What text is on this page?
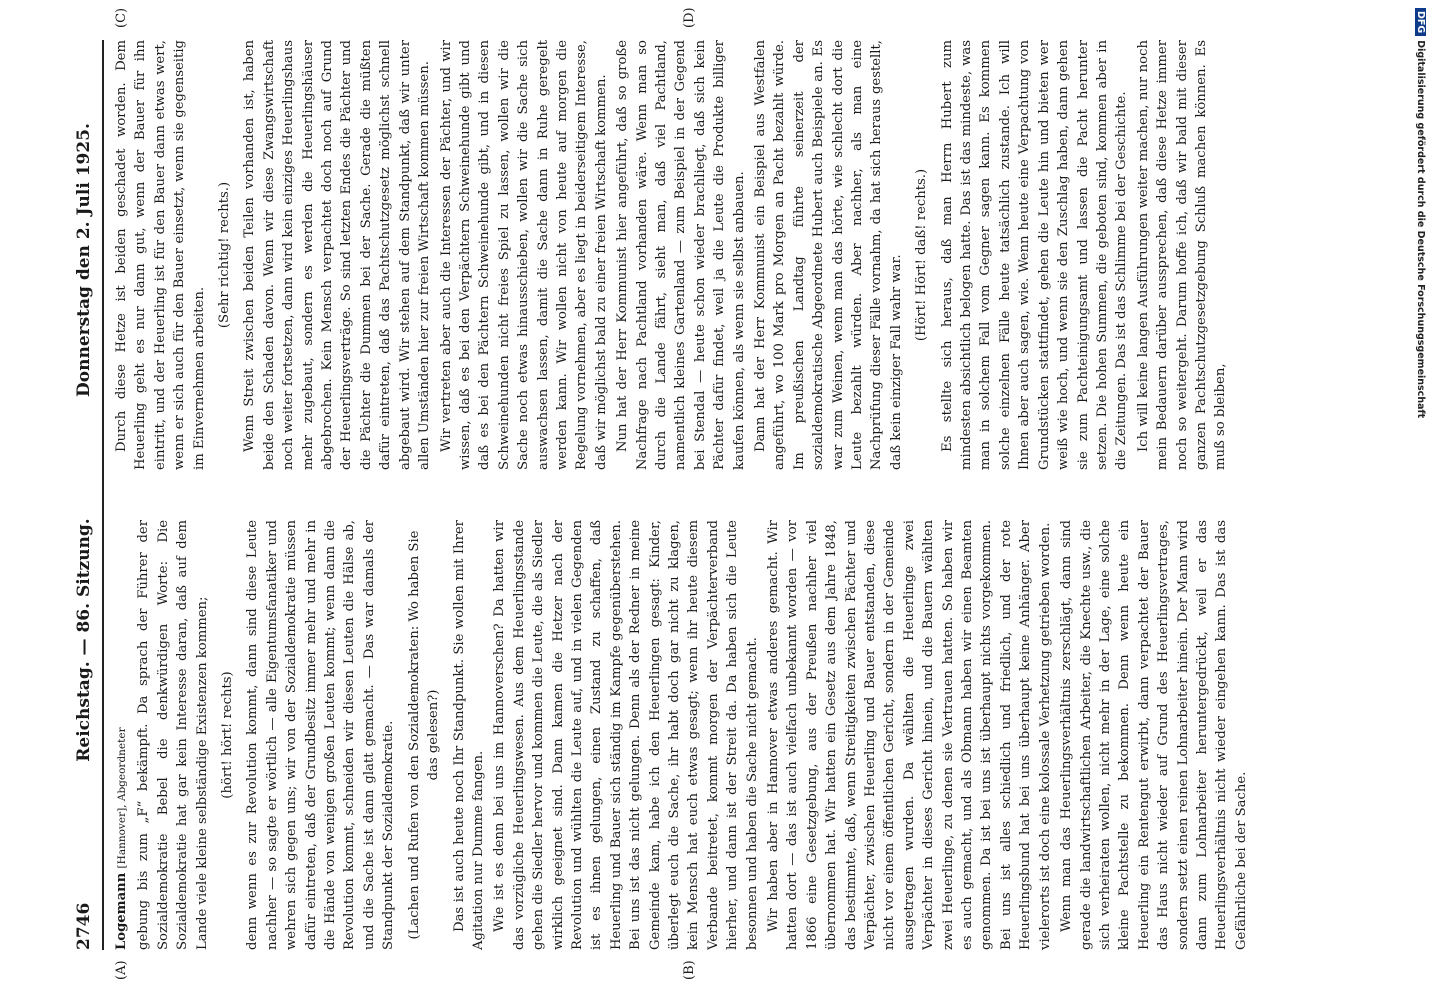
DFGDigitalisierung gefördert durch die Deutsche Forschungsgemeinschaft
2746
Reichstag. — 86. Sitzung.
Donnerstag den 2. Juli 1925.
(A)	(B)
(C)	(D)

Logemann [Hannover], Abgeordneter gebung bis zum „F“ bekämpft. Da sprach der Führer der Sozialdemokratie Bebel die denkwürdigen Worte: Die Sozialdemokratie hat gar kein Interesse daran, daß auf dem Lande viele kleine selbständige Existenzen kommen; (hört! hört! rechts) denn wenn es zur Revolution kommt, dann sind diese Leute nachher — so sagte er wörtlich — alle Eigentumsfanatiker und wehren sich gegen uns; wir von der Sozialdemokratie müssen dafür eintreten, daß der Grundbesitz immer mehr und mehr in die Hände von wenigen großen Leuten kommt; wenn dann die Revolution kommt, schneiden wir diesen Leuten die Hälse ab, und die Sache ist dann glatt gemacht. — Das war damals der Standpunkt der Sozialdemokratie. (Lachen und Rufen von den Sozialdemokraten: Wo haben Sie das gelesen?) Das ist auch heute noch Ihr Standpunkt. Sie wollen mit Ihrer Agitation nur Dumme fangen. Wie ist es denn bei uns im Hannoverschen? Da hatten wir das vorzügliche Heuerlingswesen. Aus dem Heuerlingsstande gehen die Siedler hervor und kommen die Leute, die als Siedler wirklich geeignet sind. Dann kamen die Hetzer nach der Revolution und wühlten die Leute auf, und in vielen Gegenden ist es ihnen gelungen, einen Zustand zu schaffen, daß Heuerling und Bauer sich ständig im Kampfe gegenüberstehen. Bei uns ist das nicht gelungen. Denn als der Redner in meine Gemeinde kam, habe ich den Heuerlingen gesagt: Kinder, überlegt euch die Sache, ihr habt doch gar nicht zu klagen, kein Mensch hat euch etwas gesagt; wenn ihr heute diesem Verbande beitretet, kommt morgen der Verpächterverband hierher, und dann ist der Streit da. Da haben sich die Leute besonnen und haben die Sache nicht gemacht. Wir haben aber in Hannover etwas anderes gemacht. Wir hatten dort — das ist auch vielfach unbekannt worden — vor 1866 eine Gesetzgebung, aus der Preußen nachher viel übernommen hat. Wir hatten ein Gesetz aus dem Jahre 1848, das bestimmte, daß, wenn Streitigkeiten zwischen Pächter und Verpächter, zwischen Heuerling und Bauer entstanden, diese nicht vor einem öffentlichen Gericht, sondern in der Gemeinde ausgetragen wurden. Da wählten die Heuerlinge zwei Verpächter in dieses Gericht hinein, und die Bauern wählten zwei Heuerlinge, zu denen sie Vertrauen hatten. So haben wir es auch gemacht, und als Obmann haben wir einen Beamten genommen. Da ist bei uns ist überhaupt nichts vorgekommen. Bei uns ist alles schiedlich und friedlich, und der rote Heuerlingsbund hat bei uns überhaupt keine Anhänger. Aber vielerorts ist doch eine kolossale Verhetzung getrieben worden. Wenn man das Heuerlingsverhältnis zerschlägt, dann sind gerade die landwirtschaftlichen Arbeiter, die Knechte usw., die sich verheiraten wollen, nicht mehr in der Lage, eine solche kleine Pachtstelle zu bekommen. Denn wenn heute ein Heuerling ein Rentengut erwirbt, dann verpachtet der Bauer das Haus nicht wieder auf Grund des Heuerlingsvertrages, sondern setzt einen reinen Lohnarbeiter hinein. Der Mann wird dann zum Lohnarbeiter heruntergedrückt, weil er das Heuerlingsverhältnis nicht wieder eingehen kann. Das ist das Gefährliche bei der Sache.

Durch diese Hetze ist beiden geschadet worden. Dem Heuerling geht es nur dann gut, wenn der Bauer für ihn eintritt, und der Heuerling ist für den Bauer dann etwas wert, wenn er sich auch für den Bauer einsetzt, wenn sie gegenseitig im Einvernehmen arbeiten.

(Sehr richtig! rechts.) Wenn Streit zwischen beiden Teilen vorhanden ist, haben beide den Schaden davon. Wenn wir diese Zwangswirtschaft noch weiter fortsetzen, dann wird kein einziges Heuerlingshaus mehr zugebaut, sondern es werden die Heuerlingshäuser abgebrochen. Kein Mensch verpachtet doch noch auf Grund der Heuerlingsverträge. So sind letzten Endes die Pächter und die Pächter die Dummen bei der Sache. Gerade die müßten dafür eintreten, daß das Pachtschutzgesetz möglichst schnell abgebaut wird. Wir stehen auf dem Standpunkt, daß wir unter allen Umständen hier zur freien Wirtschaft kommen müssen. Wir vertreten aber auch die Interessen der Pächter, und wir wissen, daß es bei den Verpächtern Schweinehunde gibt und daß es bei den Pächtern Schweinehunde gibt, und in diesen Schweinehunden nicht freies Spiel zu lassen, wollen wir die Sache noch etwas hinausschieben, wollen wir die Sache sich auswachsen lassen, damit die Sache dann in Ruhe geregelt werden kann. Wir wollen nicht von heute auf morgen die Regelung vornehmen, aber es liegt in beiderseitigem Interesse, daß wir möglichst bald zu einer freien Wirtschaft kommen. Nun hat der Herr Kommunist hier angeführt, daß so große Nachfrage nach Pachtland vorhanden wäre. Wenn man so durch die Lande fährt, sieht man, daß viel Pachtland, namentlich kleines Gartenland — zum Beispiel in der Gegend bei Stendal — heute schon wieder brachliegt, daß sich kein Pächter dafür findet, weil ja die Leute die Produkte billiger kaufen können, als wenn sie selbst anbauen. Dann hat der Herr Kommunist ein Beispiel aus Westfalen angeführt, wo 100 Mark pro Morgen an Pacht bezahlt würde. Im preußischen Landtag führte seinerzeit der sozialdemokratische Abgeordnete Hubert auch Beispiele an. Es war zum Weinen, wenn man das hörte, wie schlecht dort die Leute bezahlt würden. Aber nachher, als man eine Nachprüfung dieser Fälle vornahm, da hat sich heraus gestellt, daß kein einziger Fall wahr war. (Hört! Hört! daß! rechts.) Es stellte sich heraus, daß man Herrn Hubert zum mindesten absichtlich belogen hatte. Das ist das mindeste, was man in solchem Fall vom Gegner sagen kann. Es kommen solche einzelnen Fälle heute tatsächlich zustande. Ich will Ihnen aber auch sagen, wie. Wenn heute eine Verpachtung von Grundstücken stattfindet, gehen die Leute hin und bieten wer weiß wie hoch, und wenn sie den Zuschlag haben, dann gehen sie zum Pachteinigungsamt und lassen die Pacht herunter setzen. Die hohen Summen, die geboten sind, kommen aber in die Zeitungen. Das ist das Schlimme bei der Geschichte. Ich will keine langen Ausführungen weiter machen, nur noch mein Bedauern darüber aussprechen, daß diese Hetze immer noch so weitergeht. Darum hoffe ich, daß wir bald mit dieser ganzen Pachtschutzgesetzgebung Schluß machen können. Es muß so bleiben,
